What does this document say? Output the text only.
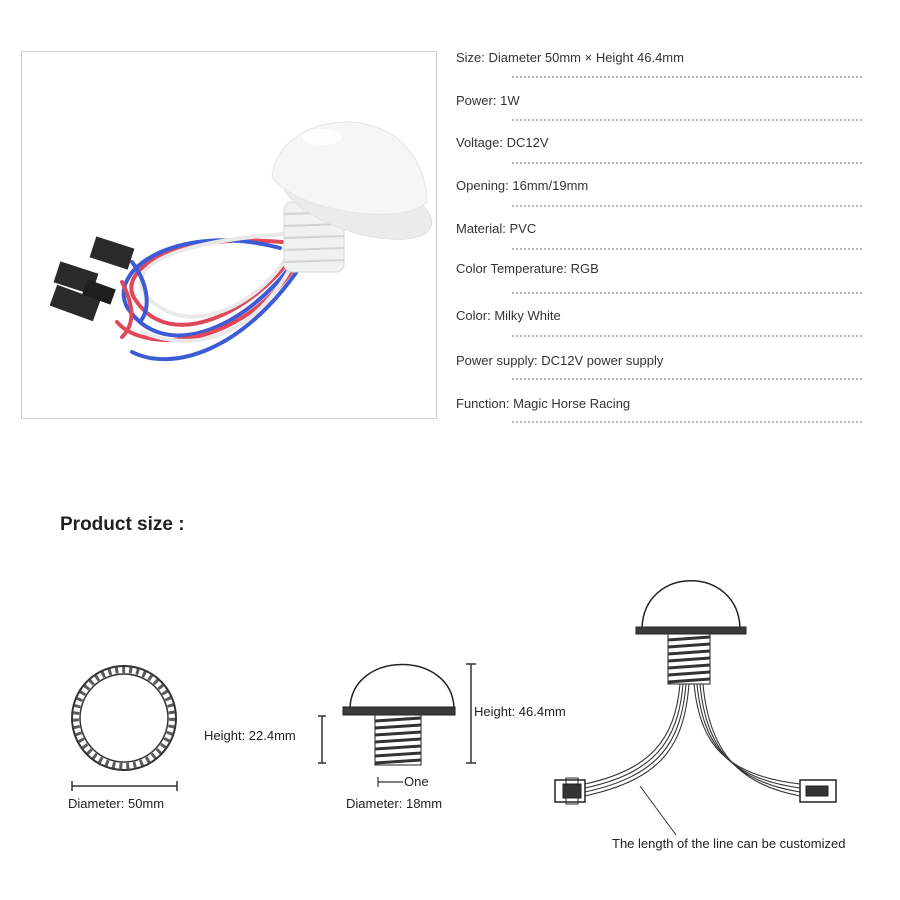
Size: Diameter 50mm × Height 46.4mm
Power: 1W
Voltage: DC12V
Opening: 16mm/19mm
Material: PVC
Color Temperature: RGB
Color: Milky White
Power supply: DC12V power supply
Function: Magic Horse Racing
Product size :
Diameter: 50mm
Height: 22.4mm
One
Diameter: 18mm
Height: 46.4mm
The length of the line can be customized
